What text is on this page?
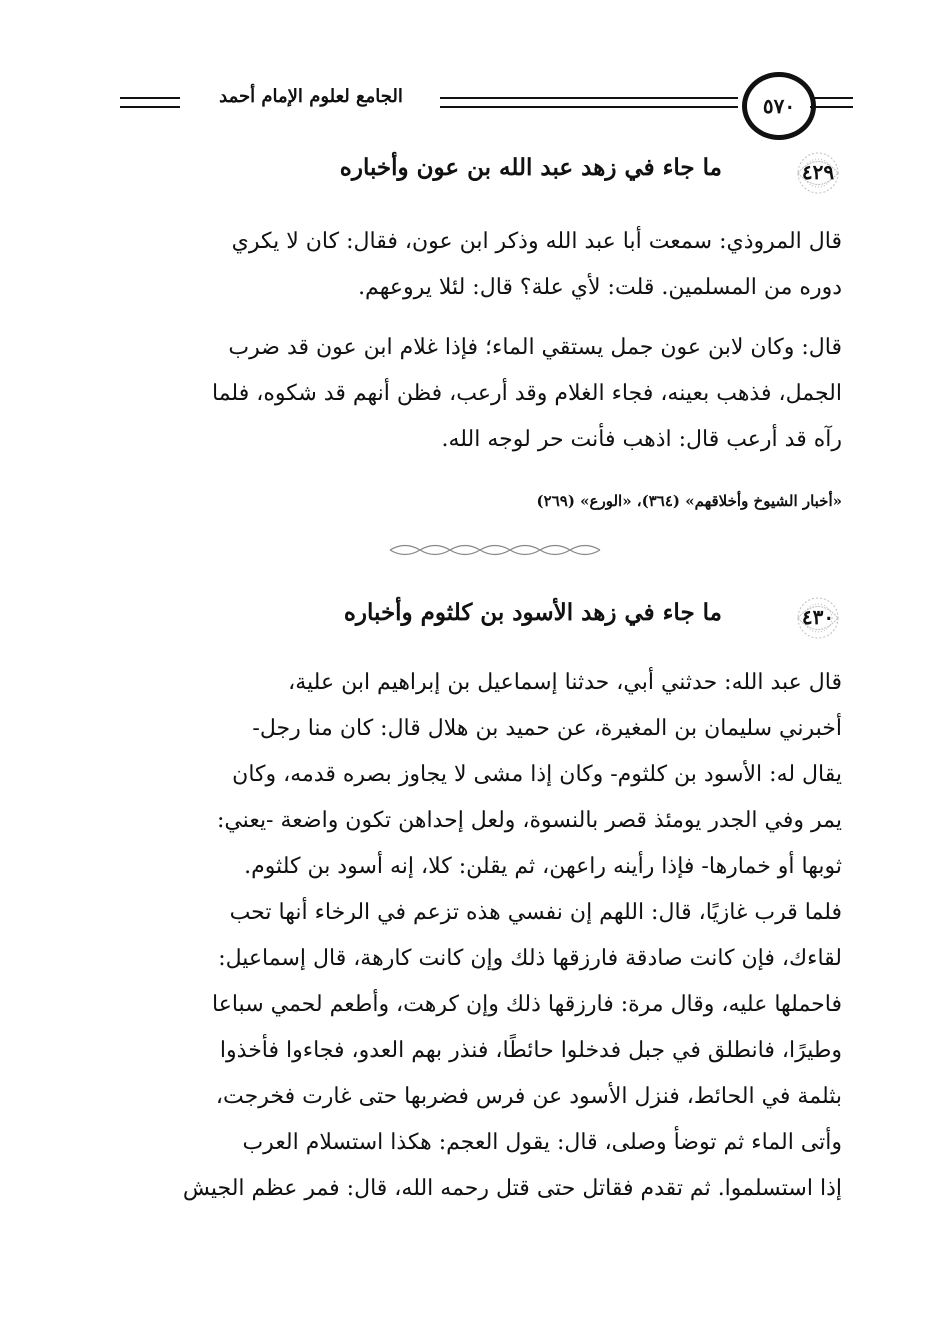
الجامع لعلوم الإمام أحمد	٥٧٠
٤٢٩
ما جاء في زهد عبد الله بن عون وأخباره
قال المروذي: سمعت أبا عبد الله وذكر ابن عون، فقال: كان لا يكري
دوره من المسلمين. قلت: لأي علة؟ قال: لئلا يروعهم.
قال: وكان لابن عون جمل يستقي الماء؛ فإذا غلام ابن عون قد ضرب
الجمل، فذهب بعينه، فجاء الغلام وقد أرعب، فظن أنهم قد شكوه، فلما
رآه قد أرعب قال: اذهب فأنت حر لوجه الله.
«أخبار الشيوخ وأخلاقهم» (٣٦٤)، «الورع» (٢٦٩)
٤٣٠
ما جاء في زهد الأسود بن كلثوم وأخباره
قال عبد الله: حدثني أبي، حدثنا إسماعيل بن إبراهيم ابن علية،
أخبرني سليمان بن المغيرة، عن حميد بن هلال قال: كان منا رجل-
يقال له: الأسود بن كلثوم- وكان إذا مشى لا يجاوز بصره قدمه، وكان
يمر وفي الجدر يومئذ قصر بالنسوة، ولعل إحداهن تكون واضعة -يعني:
ثوبها أو خمارها- فإذا رأينه راعهن، ثم يقلن: كلا، إنه أسود بن كلثوم.
فلما قرب غازيًا، قال: اللهم إن نفسي هذه تزعم في الرخاء أنها تحب
لقاءك، فإن كانت صادقة فارزقها ذلك وإن كانت كارهة، قال إسماعيل:
فاحملها عليه، وقال مرة: فارزقها ذلك وإن كرهت، وأطعم لحمي سباعا
وطيرًا، فانطلق في جبل فدخلوا حائطًا، فنذر بهم العدو، فجاءوا فأخذوا
بثلمة في الحائط، فنزل الأسود عن فرس فضربها حتى غارت فخرجت،
وأتى الماء ثم توضأ وصلى، قال: يقول العجم: هكذا استسلام العرب
إذا استسلموا. ثم تقدم فقاتل حتى قتل رحمه الله، قال: فمر عظم الجيش
